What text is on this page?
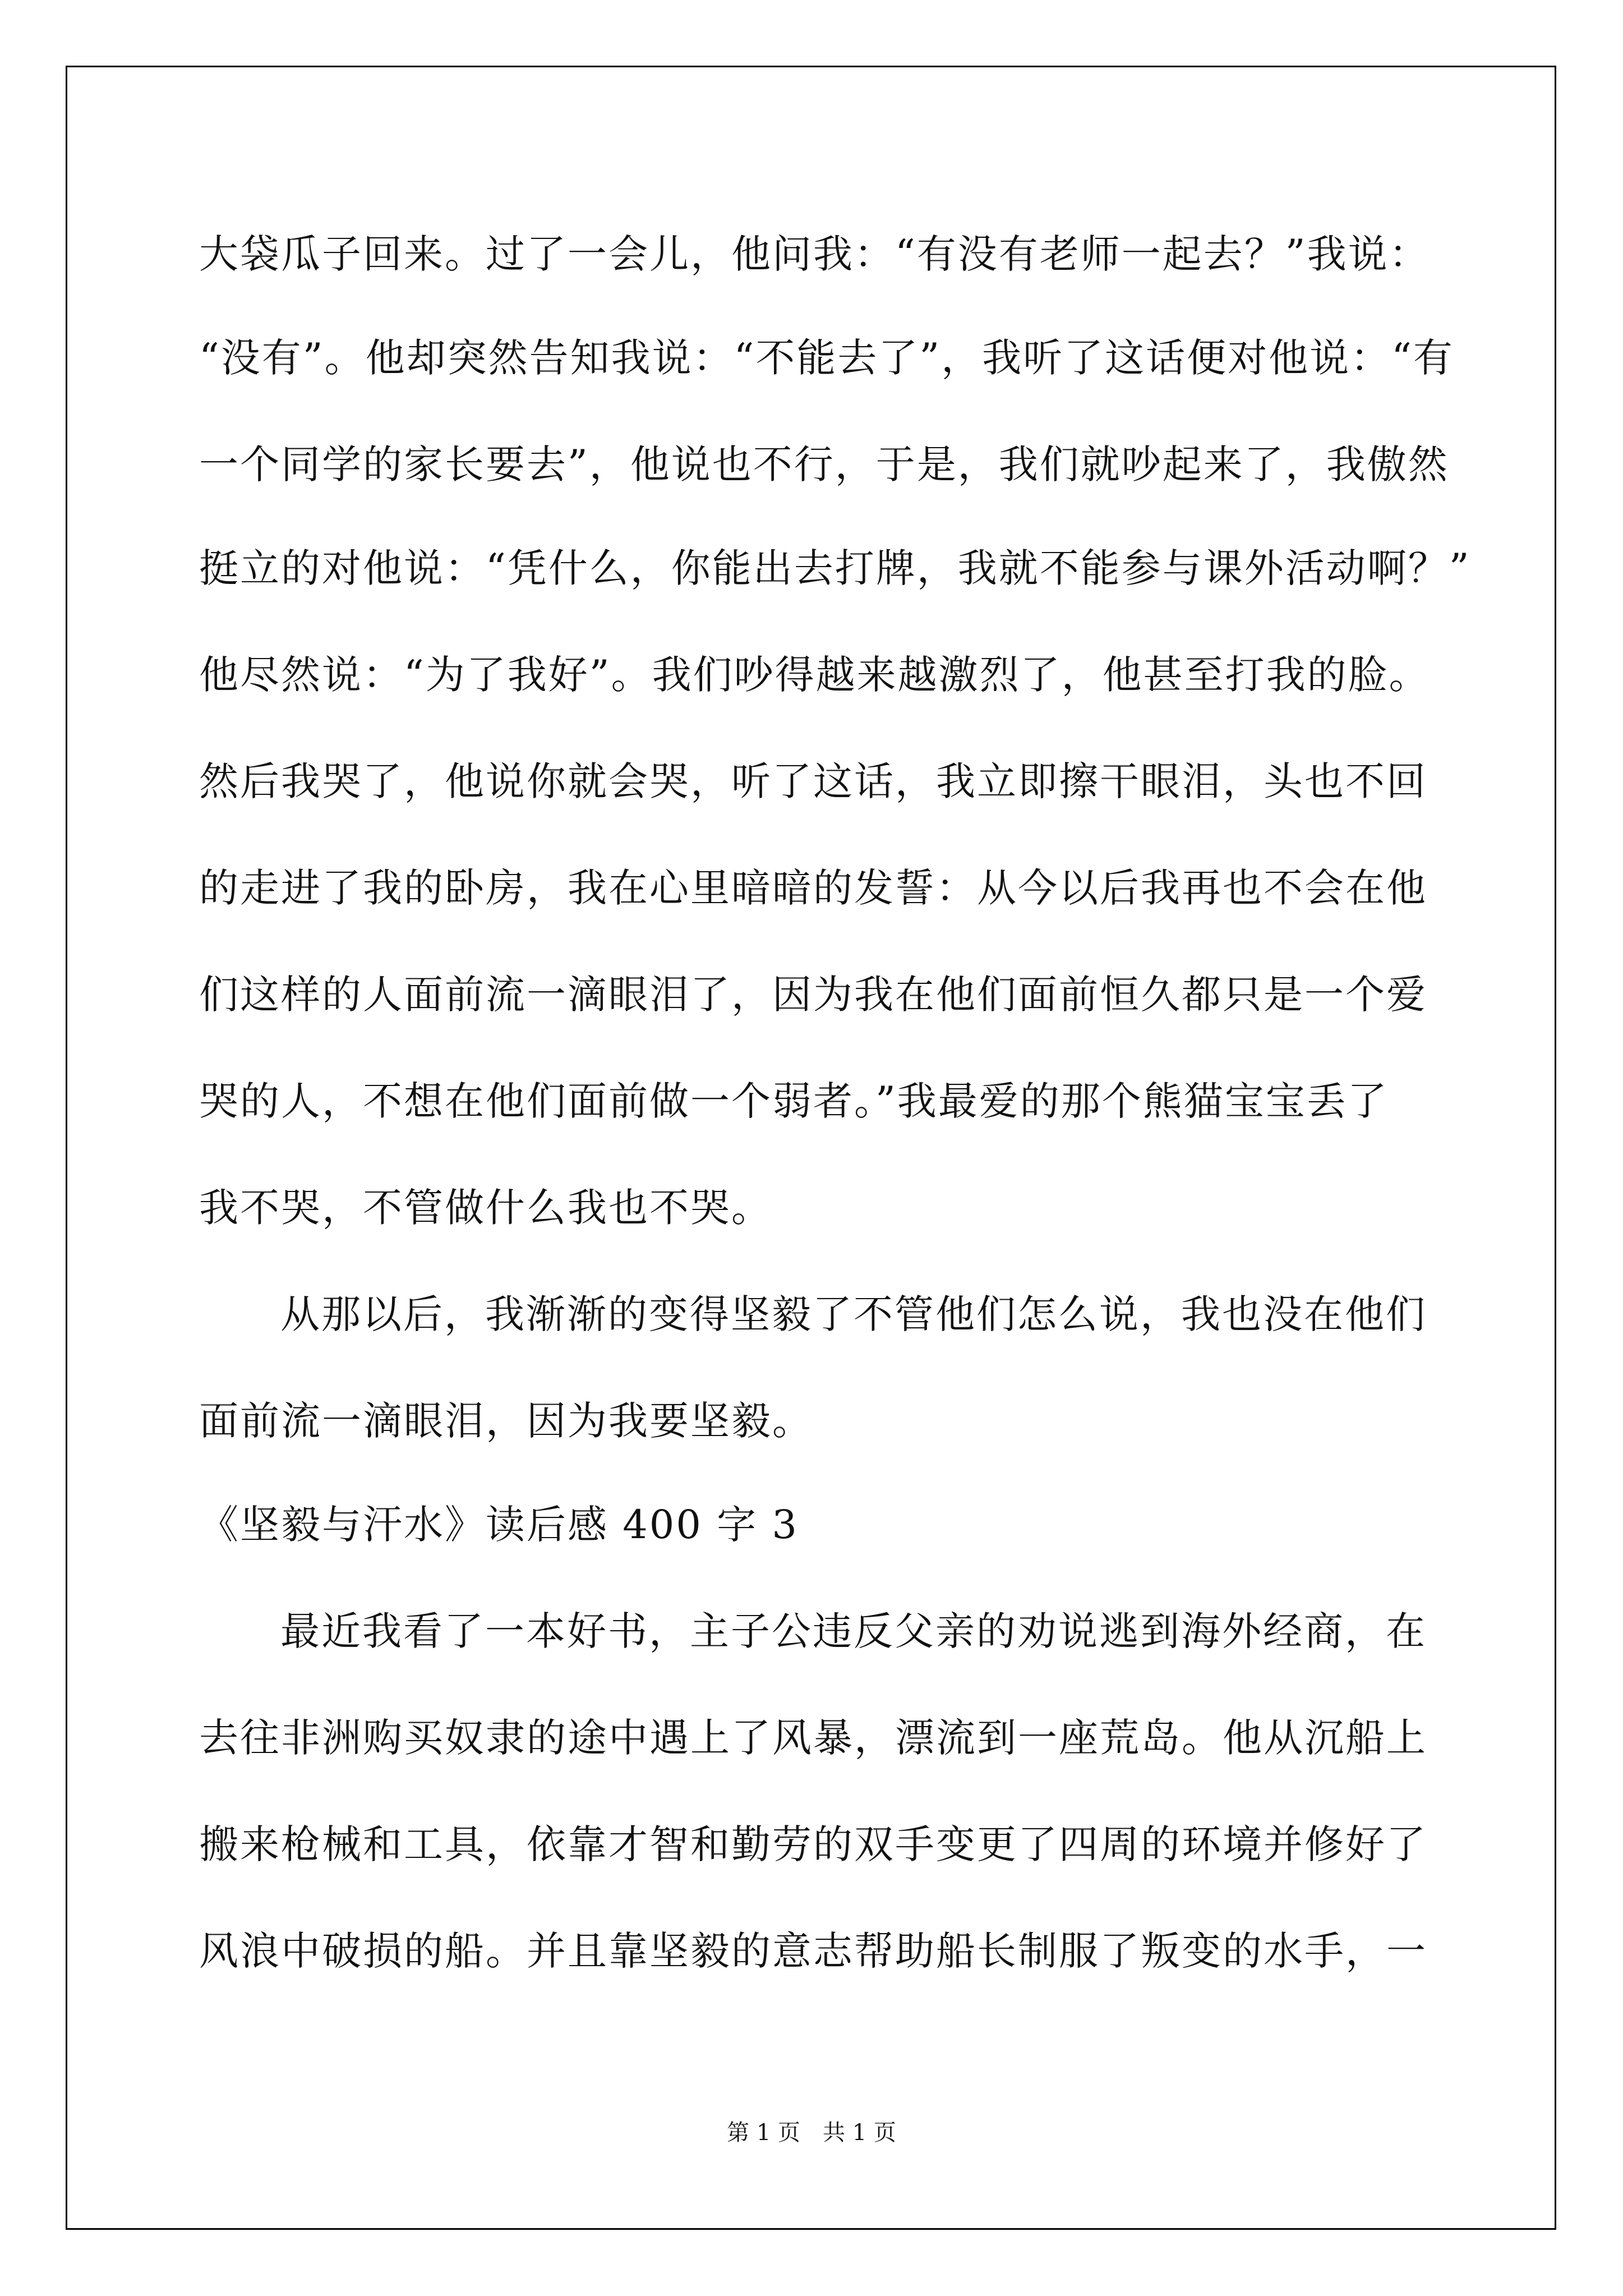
大袋瓜子回来。过了一会儿，他问我：“有没有老师一起去？”我说：

“没有”。他却突然告知我说：“不能去了”，我听了这话便对他说：“有

一个同学的家长要去”，他说也不行，于是，我们就吵起来了，我傲然

挺立的对他说：“凭什么，你能出去打牌，我就不能参与课外活动啊？”

他尽然说：“为了我好”。我们吵得越来越激烈了，他甚至打我的脸。

然后我哭了，他说你就会哭，听了这话，我立即擦干眼泪，头也不回

的走进了我的卧房，我在心里暗暗的发誓：从今以后我再也不会在他

们这样的人面前流一滴眼泪了，因为我在他们面前恒久都只是一个爱

哭的人，不想在他们面前做一个弱者。”我最爱的那个熊猫宝宝丢了

我不哭，不管做什么我也不哭。

从那以后，我渐渐的变得坚毅了不管他们怎么说，我也没在他们

面前流一滴眼泪，因为我要坚毅。

《坚毅与汗水》读后感 400 字 3

最近我看了一本好书，主子公违反父亲的劝说逃到海外经商，在

去往非洲购买奴隶的途中遇上了风暴，漂流到一座荒岛。他从沉船上

搬来枪械和工具，依靠才智和勤劳的双手变更了四周的环境并修好了

风浪中破损的船。并且靠坚毅的意志帮助船长制服了叛变的水手，一

第 1 页 共 1 页
